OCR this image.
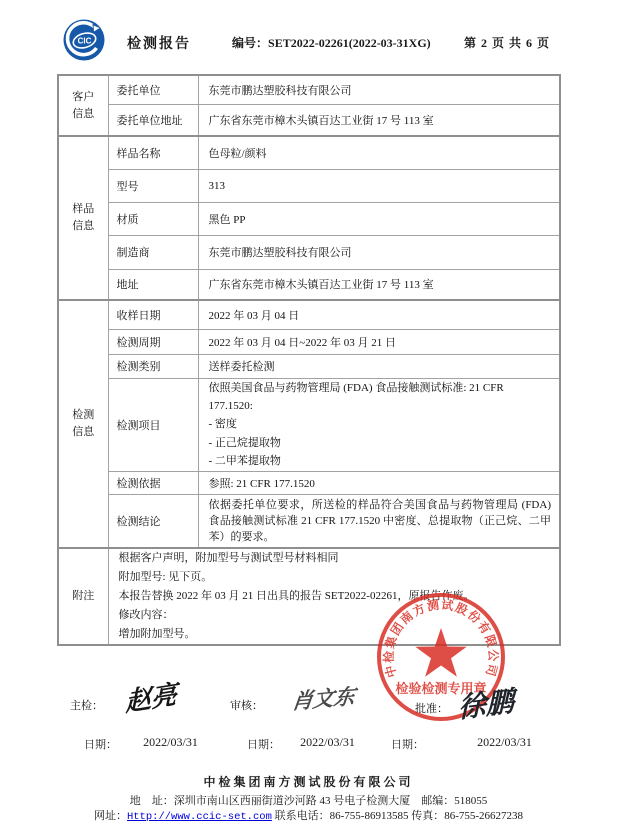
CIC	检测报告	编号：SET2022-02261(2022-03-31XG)	第 2 页 共 6 页
客户
信息	委托单位	东莞市鹏达塑胶科技有限公司
	委托单位地址	广东省东莞市樟木头镇百达工业街 17 号 113 室

样品
信息	样品名称	色母粒/颜料
	型号	313
	材质	黑色 PP
	制造商	东莞市鹏达塑胶科技有限公司
	地址	广东省东莞市樟木头镇百达工业街 17 号 113 室

检测
信息	收样日期	2022 年 03 月 04 日
	检测周期	2022 年 03 月 04 日~2022 年 03 月 21 日
	检测类别	送样委托检测
	检测项目	依照美国食品与药物管理局 (FDA) 食品接触测试标准: 21 CFR
177.1520:
- 密度
- 正己烷提取物
- 二甲苯提取物

	检测依据	参照: 21 CFR 177.1520
	检测结论	依据委托单位要求，所送检的样品符合美国食品与药物管理局 (FDA) 食品接触测试标准 21 CFR 177.1520 中密度、总提取物（正己烷、二甲苯）的要求。

附注	根据客户声明，附加型号与测试型号材料相同
附加型号: 见下页。
本报告替换 2022 年 03 月 21 日出具的报告 SET2022-02261，原报告作废。
修改内容：
增加附加型号。	
中检集团南方测试股份有限公司
检验检测专用章
主检： 赵亮	审核： 肖文东	批准： 徐鹏
日期：	2022/03/31	日期：	2022/03/31	日期：	2022/03/31
中检集团南方测试股份有限公司
地　址：深圳市南山区西丽街道沙河路 43 号电子检测大厦　邮编：518055
网址：Http://www.ccic-set.com 联系电话：86-755-86913585 传真：86-755-26627238
